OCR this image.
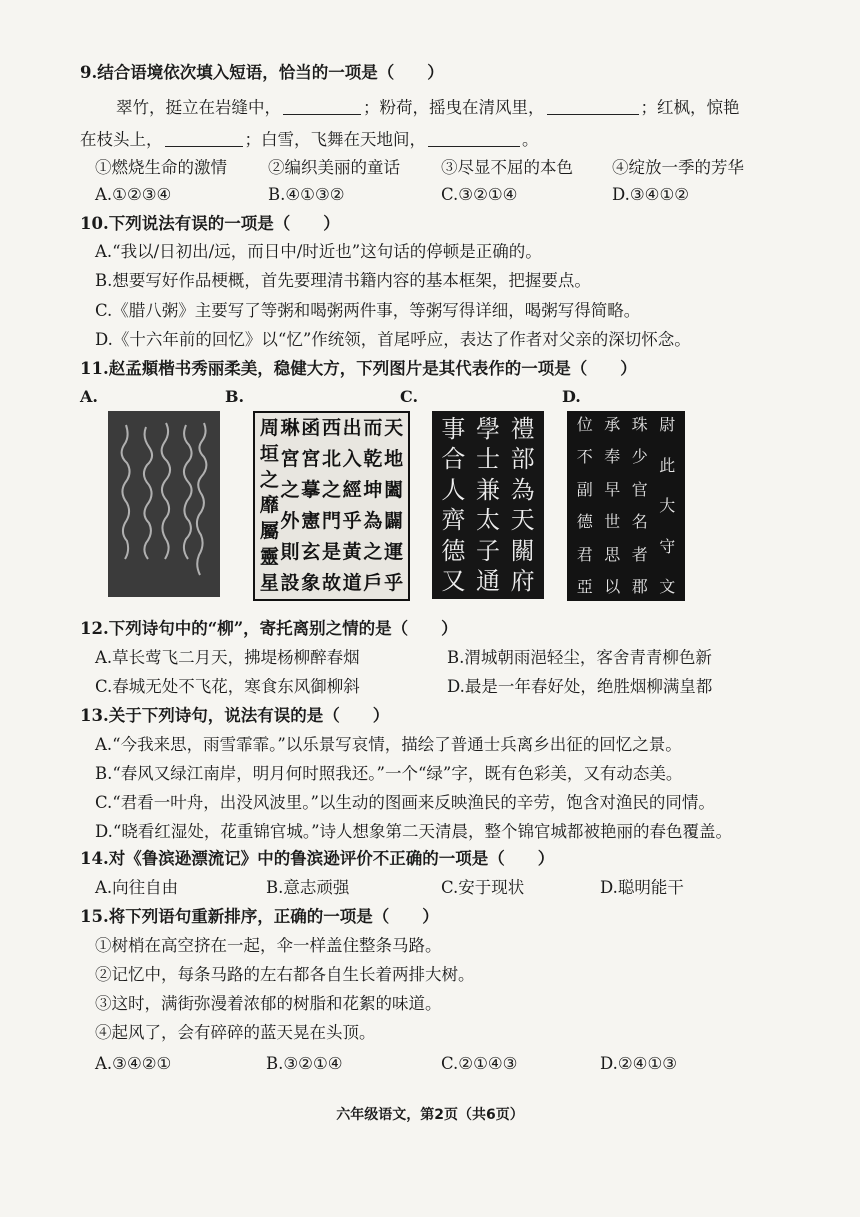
9.结合语境依次填入短语，恰当的一项是（　　）
翠竹，挺立在岩缝中，	；粉荷，摇曳在清风里，	；红枫，惊艳
在枝头上，	；白雪，飞舞在天地间，	。
①燃烧生命的激情 ②编织美丽的童话 ③尽显不屈的本色 ④绽放一季的芳华
A.①②③④	B.④①③②	C.③②①④	D.③④①②
10.下列说法有误的一项是（　　）
A.“我以/日初出/远，而日中/时近也”这句话的停顿是正确的。
B.想要写好作品梗概，首先要理清书籍内容的基本框架，把握要点。
C.《腊八粥》主要写了等粥和喝粥两件事，等粥写得详细，喝粥写得简略。
D.《十六年前的回忆》以“忆”作统领，首尾呼应，表达了作者对父亲的深切怀念。
11.赵孟頫楷书秀丽柔美，稳健大方，下列图片是其代表作的一项是（　　）
A.	B.	C.	D.
天
地
闔
闢
運
乎
而
乾
坤
為
之
戶
出
入
經
乎
黃
道
西
北
之
門
是
故
函
宮
摹
憲
玄
象
琳
宮
之
外
則
設
周
垣
之
靡
屬
靈
星
禮
部
為
天
關
府
學
士
兼
太
子
通
事
合
人
齊
德
又
尉
此
大
守
文
珠
少
官
名
者
郡
承
奉
早
世
思
以
位
不
副
德
君
亞
12.下列诗句中的“柳”，寄托离别之情的是（　　）
A.草长莺飞二月天，拂堤杨柳醉春烟	B.渭城朝雨浥轻尘，客舍青青柳色新
C.春城无处不飞花，寒食东风御柳斜	D.最是一年春好处，绝胜烟柳满皇都
13.关于下列诗句，说法有误的是（　　）
A.“今我来思，雨雪霏霏。”以乐景写哀情，描绘了普通士兵离乡出征的回忆之景。
B.“春风又绿江南岸，明月何时照我还。”一个“绿”字，既有色彩美，又有动态美。
C.“君看一叶舟，出没风波里。”以生动的图画来反映渔民的辛劳，饱含对渔民的同情。
D.“晓看红湿处，花重锦官城。”诗人想象第二天清晨，整个锦官城都被艳丽的春色覆盖。
14.对《鲁滨逊漂流记》中的鲁滨逊评价不正确的一项是（　　）
A.向往自由	B.意志顽强	C.安于现状	D.聪明能干
15.将下列语句重新排序，正确的一项是（　　）
①树梢在高空挤在一起，伞一样盖住整条马路。
②记忆中，每条马路的左右都各自生长着两排大树。
③这时，满街弥漫着浓郁的树脂和花絮的味道。
④起风了，会有碎碎的蓝天晃在头顶。
A.③④②①	B.③②①④	C.②①④③	D.②④①③
六年级语文，第2页（共6页）
